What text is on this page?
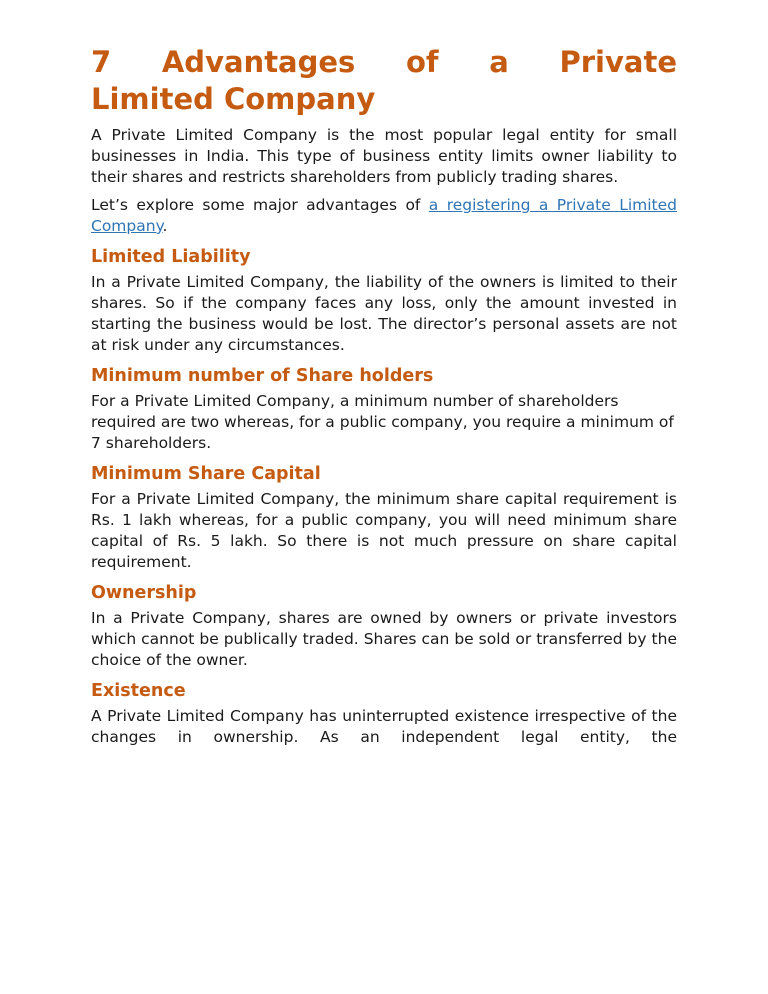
7 Advantages of a Private
Limited Company

A Private Limited Company is the most popular legal entity for small businesses in India. This type of business entity limits owner liability to their shares and restricts shareholders from publicly trading shares.

Let’s explore some major advantages of a registering a Private Limited Company.

Limited Liability

In a Private Limited Company, the liability of the owners is limited to their shares. So if the company faces any loss, only the amount invested in starting the business would be lost. The director’s personal assets are not at risk under any circumstances.

Minimum number of Share holders

For a Private Limited Company, a minimum number of shareholders required are two whereas, for a public company, you require a minimum of 7 shareholders.

Minimum Share Capital

For a Private Limited Company, the minimum share capital requirement is Rs. 1 lakh whereas, for a public company, you will need minimum share capital of Rs. 5 lakh. So there is not much pressure on share capital requirement.

Ownership

In a Private Company, shares are owned by owners or private investors which cannot be publically traded. Shares can be sold or transferred by the choice of the owner.

Existence

A Private Limited Company has uninterrupted existence irrespective of the changes in ownership. As an independent legal entity, the
